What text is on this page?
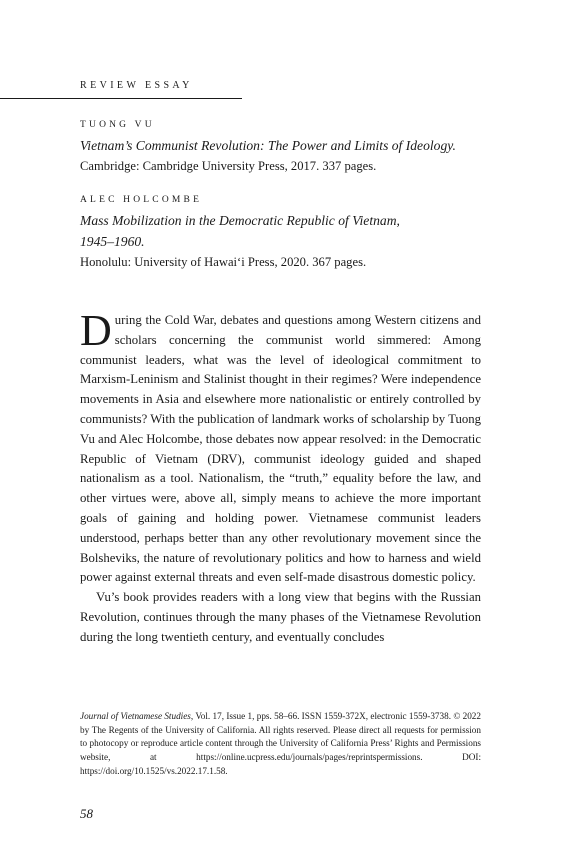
REVIEW ESSAY
TUONG VU
Vietnam’s Communist Revolution: The Power and Limits of Ideology.
Cambridge: Cambridge University Press, 2017. 337 pages.
ALEC HOLCOMBE
Mass Mobilization in the Democratic Republic of Vietnam,
1945–1960.
Honolulu: University of Hawaiʻi Press, 2020. 367 pages.

During the Cold War, debates and questions among Western citizens and scholars concerning the communist world simmered: Among communist leaders, what was the level of ideological commitment to Marxism-Leninism and Stalinist thought in their regimes? Were independence movements in Asia and elsewhere more nationalistic or entirely controlled by communists? With the publication of landmark works of scholarship by Tuong Vu and Alec Holcombe, those debates now appear resolved: in the Democratic Republic of Vietnam (DRV), communist ideology guided and shaped nationalism as a tool. Nationalism, the “truth,” equality before the law, and other virtues were, above all, simply means to achieve the more important goals of gaining and holding power. Vietnamese communist leaders understood, perhaps better than any other revolutionary movement since the Bolsheviks, the nature of revolutionary politics and how to harness and wield power against external threats and even self-made disastrous domestic policy.

Vu’s book provides readers with a long view that begins with the Russian Revolution, continues through the many phases of the Vietnamese Revolution during the long twentieth century, and eventually concludes

Journal of Vietnamese Studies, Vol. 17, Issue 1, pps. 58–66. ISSN 1559-372X, electronic 1559-3738. © 2022 by The Regents of the University of California. All rights reserved. Please direct all requests for permission to photocopy or reproduce article content through the University of California Press’ Rights and Permissions website, at https://online.ucpress.edu/journals/pages/reprintspermissions. DOI: https://doi.org/10.1525/vs.2022.17.1.58.
58
